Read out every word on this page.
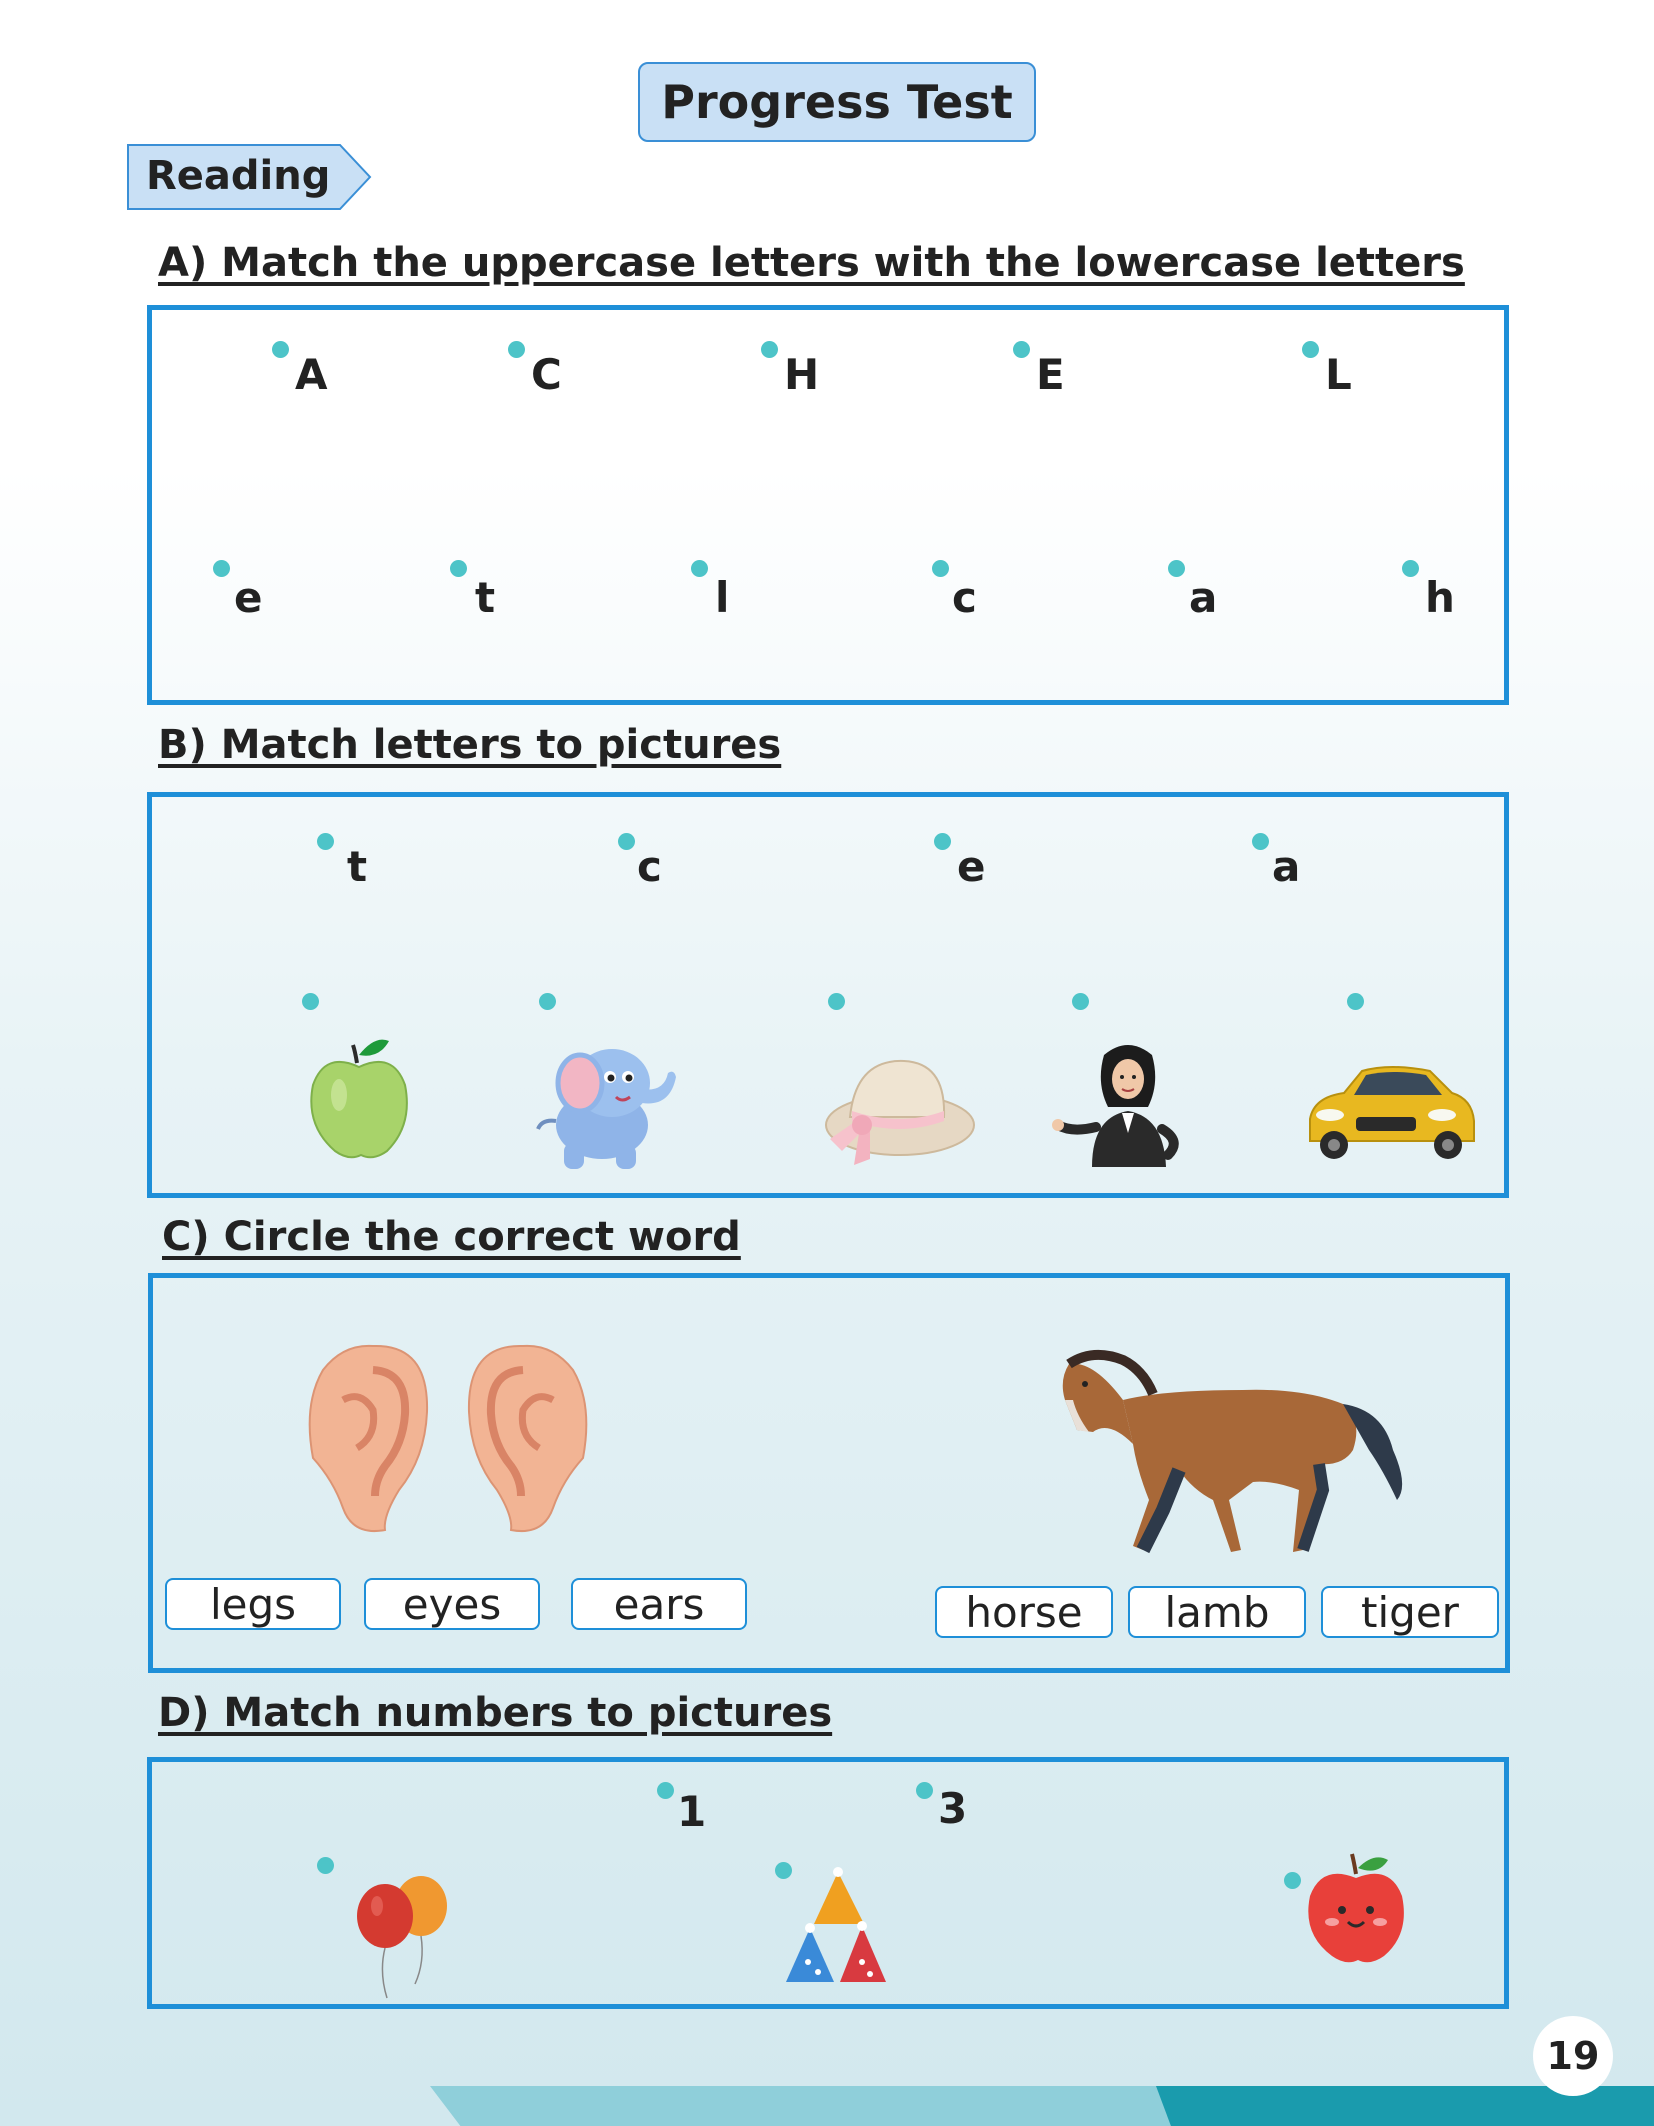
Progress Test
Reading
A) Match the uppercase letters with the lowercase letters
A	C	H	E	L
e	t	l	c	a	h
B) Match letters to pictures
t	c	e	a
C) Circle the correct word
legs	eyes	ears	horse	lamb	tiger
D) Match numbers to pictures
1	3
19
